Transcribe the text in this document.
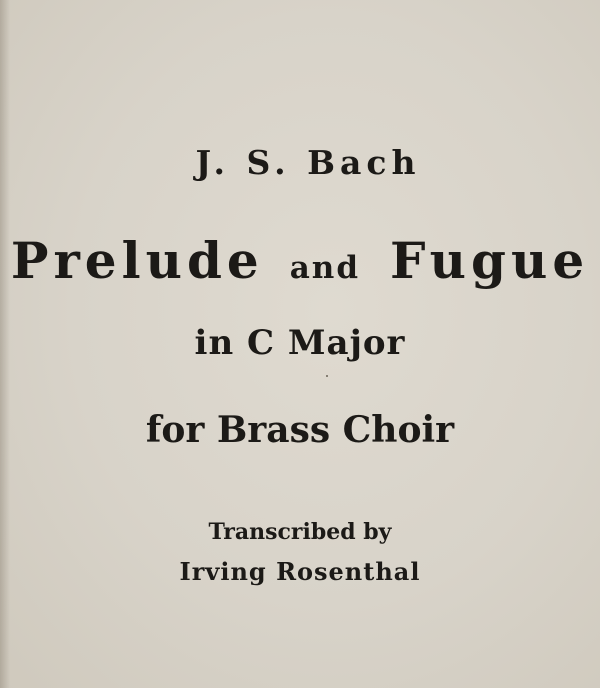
J. S. Bach
Prelude and Fugue
in C Major
for Brass Choir
Transcribed by
Irving Rosenthal
